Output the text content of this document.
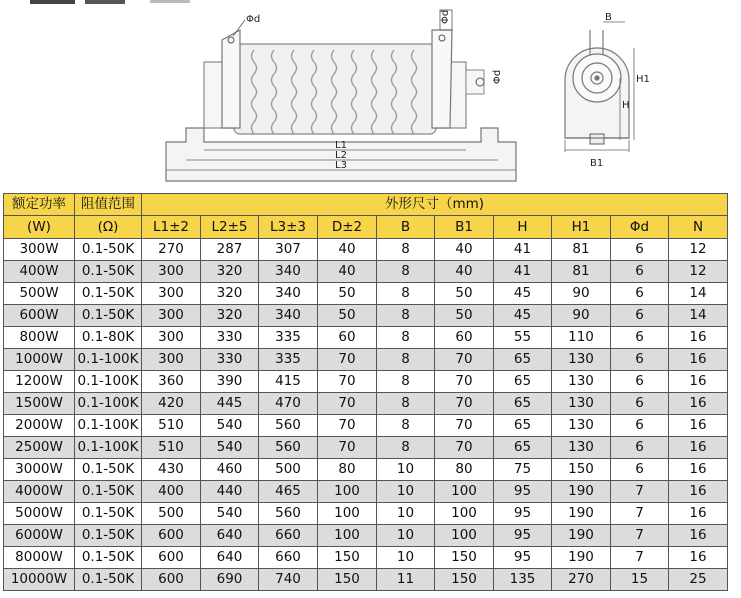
Φd	Φd
Φd
L1
L2
L3
B
H1
H
B1
额定功率	阻值范围	外形尺寸（mm)									
(W)	(Ω)	L1±2	L2±5	L3±3	D±2	B	B1	H	H1	Φd	N
300W	0.1-50K	270	287	307	40	8	40	41	81	6	12
400W	0.1-50K	300	320	340	40	8	40	41	81	6	12
500W	0.1-50K	300	320	340	50	8	50	45	90	6	14
600W	0.1-50K	300	320	340	50	8	50	45	90	6	14
800W	0.1-80K	300	330	335	60	8	60	55	110	6	16
1000W	0.1-100K	300	330	335	70	8	70	65	130	6	16
1200W	0.1-100K	360	390	415	70	8	70	65	130	6	16
1500W	0.1-100K	420	445	470	70	8	70	65	130	6	16
2000W	0.1-100K	510	540	560	70	8	70	65	130	6	16
2500W	0.1-100K	510	540	560	70	8	70	65	130	6	16
3000W	0.1-50K	430	460	500	80	10	80	75	150	6	16
4000W	0.1-50K	400	440	465	100	10	100	95	190	7	16
5000W	0.1-50K	500	540	560	100	10	100	95	190	7	16
6000W	0.1-50K	600	640	660	100	10	100	95	190	7	16
8000W	0.1-50K	600	640	660	150	10	150	95	190	7	16
10000W	0.1-50K	600	690	740	150	11	150	135	270	15	25
